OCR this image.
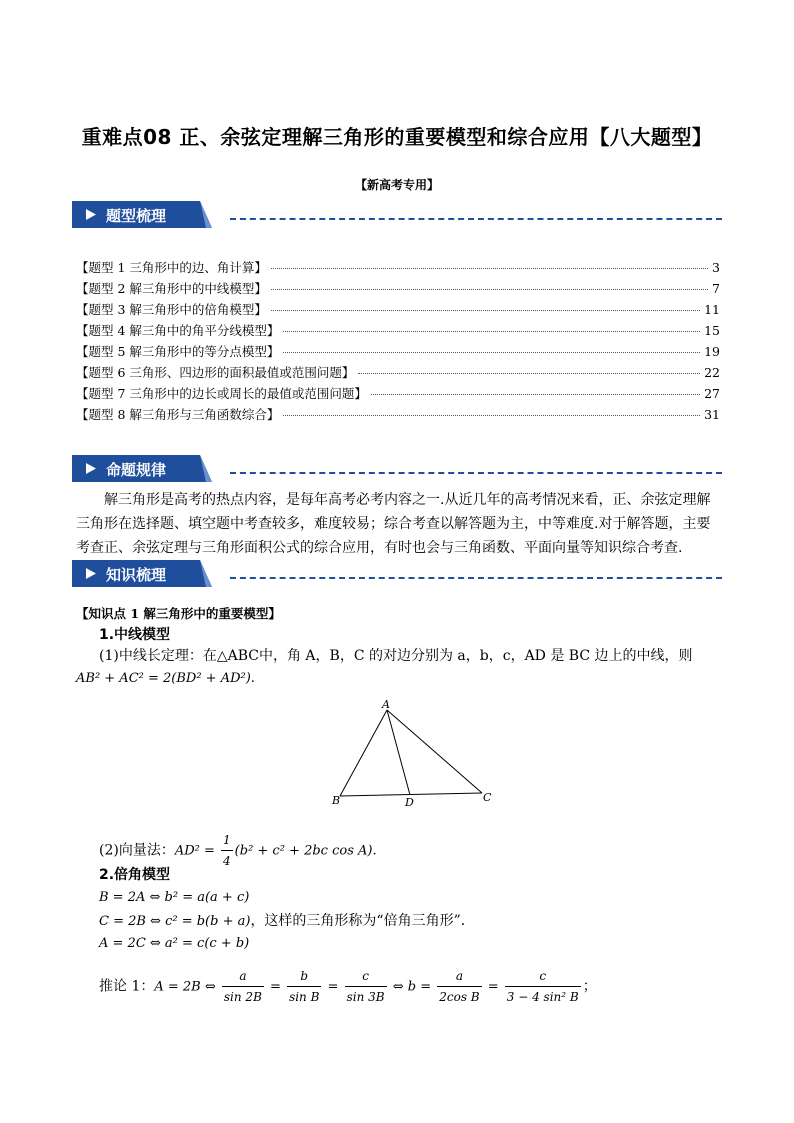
重难点08 正、余弦定理解三角形的重要模型和综合应用【八大题型】
【新高考专用】
题型梳理
【题型 1 三角形中的边、角计算】	3
【题型 2 解三角形中的中线模型】	7
【题型 3 解三角形中的倍角模型】	11
【题型 4 解三角中的角平分线模型】	15
【题型 5 解三角形中的等分点模型】	19
【题型 6 三角形、四边形的面积最值或范围问题】	22
【题型 7 三角形中的边长或周长的最值或范围问题】	27
【题型 8 解三角形与三角函数综合】	31
命题规律
解三角形是高考的热点内容，是每年高考必考内容之一.从近几年的高考情况来看，正、余弦定理解三角形在选择题、填空题中考查较多，难度较易；综合考查以解答题为主，中等难度.对于解答题，主要考查正、余弦定理与三角形面积公式的综合应用，有时也会与三角函数、平面向量等知识综合考查.
知识梳理
【知识点 1 解三角形中的重要模型】
1.中线模型
(1)中线长定理：在△ABC中，角 A，B，C 的对边分别为 a，b，c，AD 是 BC 边上的中线，则
AB² + AC² = 2(BD² + AD²).
A
B	C
D
(2)向量法：$AD^2 = \frac{1}{4} (b^2 + c^2 + 2bc$ cos A).
2.倍角模型
B = 2A ⇔ b² = a(a + c)
C = 2B ⇔ c² = b(b + a)，这样的三角形称为“倍角三角形”．
A = 2C ⇔ a² = c(c + b)
推论 1：A = 2B ⇔ $\frac{a}{\sin 2B} = \frac{b}{\text{sin B}} = \frac{c}{\sin 3B}$ ⇔ $b = \frac{a}{\text{2cos B}} = \frac{c}{\text{3 − 4 sin² B}}$ ；
